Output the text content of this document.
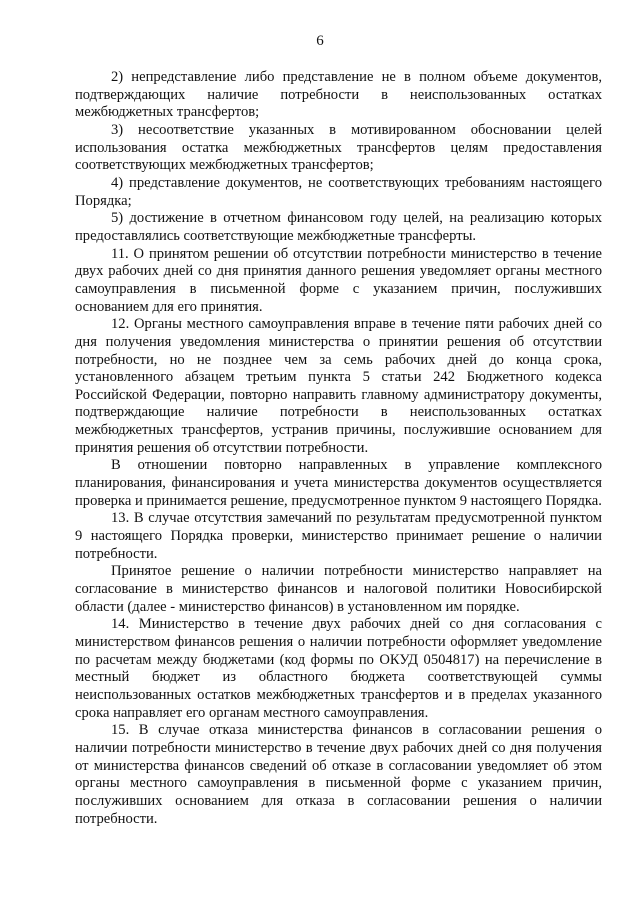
6

2) непредставление либо представление не в полном объеме документов, подтверждающих наличие потребности в неиспользованных остатках межбюджетных трансфертов;

3) несоответствие указанных в мотивированном обосновании целей использования остатка межбюджетных трансфертов целям предоставления соответствующих межбюджетных трансфертов;

4) представление документов, не соответствующих требованиям настоящего Порядка;

5) достижение в отчетном финансовом году целей, на реализацию которых предоставлялись соответствующие межбюджетные трансферты.

11. О принятом решении об отсутствии потребности министерство в течение двух рабочих дней со дня принятия данного решения уведомляет органы местного самоуправления в письменной форме с указанием причин, послуживших основанием для его принятия.

12. Органы местного самоуправления вправе в течение пяти рабочих дней со дня получения уведомления министерства о принятии решения об отсутствии потребности, но не позднее чем за семь рабочих дней до конца срока, установленного абзацем третьим пункта 5 статьи 242 Бюджетного кодекса Российской Федерации, повторно направить главному администратору документы, подтверждающие наличие потребности в неиспользованных остатках межбюджетных трансфертов, устранив причины, послужившие основанием для принятия решения об отсутствии потребности.

В отношении повторно направленных в управление комплексного планирования, финансирования и учета министерства документов осуществляется проверка и принимается решение, предусмотренное пунктом 9 настоящего Порядка.

13. В случае отсутствия замечаний по результатам предусмотренной пунктом 9 настоящего Порядка проверки, министерство принимает решение о наличии потребности.

Принятое решение о наличии потребности министерство направляет на согласование в министерство финансов и налоговой политики Новосибирской области (далее - министерство финансов) в установленном им порядке.

14. Министерство в течение двух рабочих дней со дня согласования с министерством финансов решения о наличии потребности оформляет уведомление по расчетам между бюджетами (код формы по ОКУД 0504817) на перечисление в местный бюджет из областного бюджета соответствующей суммы неиспользованных остатков межбюджетных трансфертов и в пределах указанного срока направляет его органам местного самоуправления.

15. В случае отказа министерства финансов в согласовании решения о наличии потребности министерство в течение двух рабочих дней со дня получения от министерства финансов сведений об отказе в согласовании уведомляет об этом органы местного самоуправления в письменной форме с указанием причин, послуживших основанием для отказа в согласовании решения о наличии потребности.
